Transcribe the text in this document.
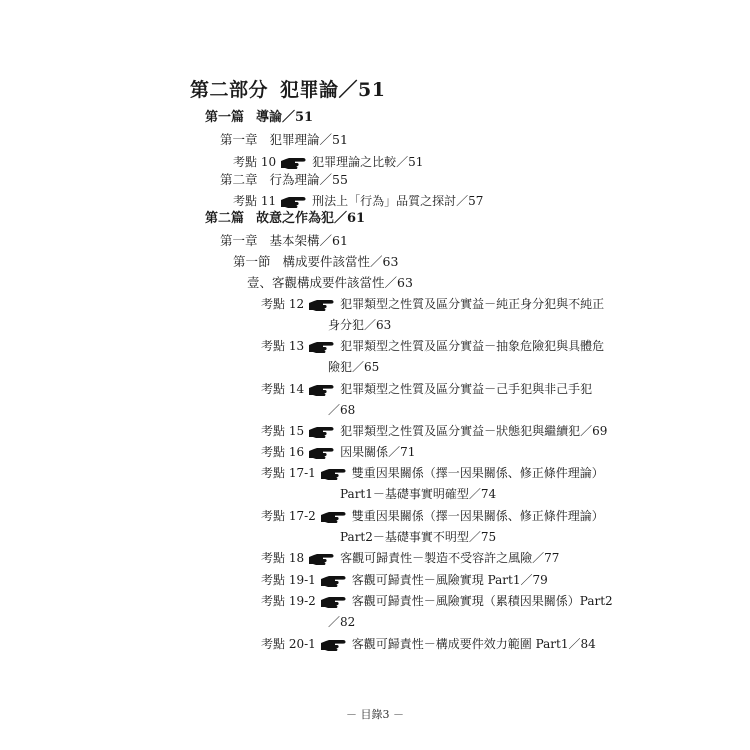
第二部分 犯罪論／51
第一篇 導論／51
第一章 犯罪理論／51
考點 10	犯罪理論之比較／51
第二章 行為理論／55
考點 11	刑法上「行為」品質之探討／57
第二篇 故意之作為犯／61
第一章 基本架構／61
第一節 構成要件該當性／63
壹、客觀構成要件該當性／63
考點 12	犯罪類型之性質及區分實益－純正身分犯與不純正
身分犯／63
考點 13	犯罪類型之性質及區分實益－抽象危險犯與具體危
險犯／65
考點 14	犯罪類型之性質及區分實益－己手犯與非己手犯
／68
考點 15	犯罪類型之性質及區分實益－狀態犯與繼續犯／69
考點 16	因果關係／71
考點 17-1	雙重因果關係（擇一因果關係、修正條件理論）
Part1－基礎事實明確型／74
考點 17-2	雙重因果關係（擇一因果關係、修正條件理論）
Part2－基礎事實不明型／75
考點 18	客觀可歸責性－製造不受容許之風險／77
考點 19-1	客觀可歸責性－風險實現 Part1／79
考點 19-2	客觀可歸責性－風險實現（累積因果關係）Part2
／82
考點 20-1	客觀可歸責性－構成要件效力範圍 Part1／84
－ 目錄3 －
